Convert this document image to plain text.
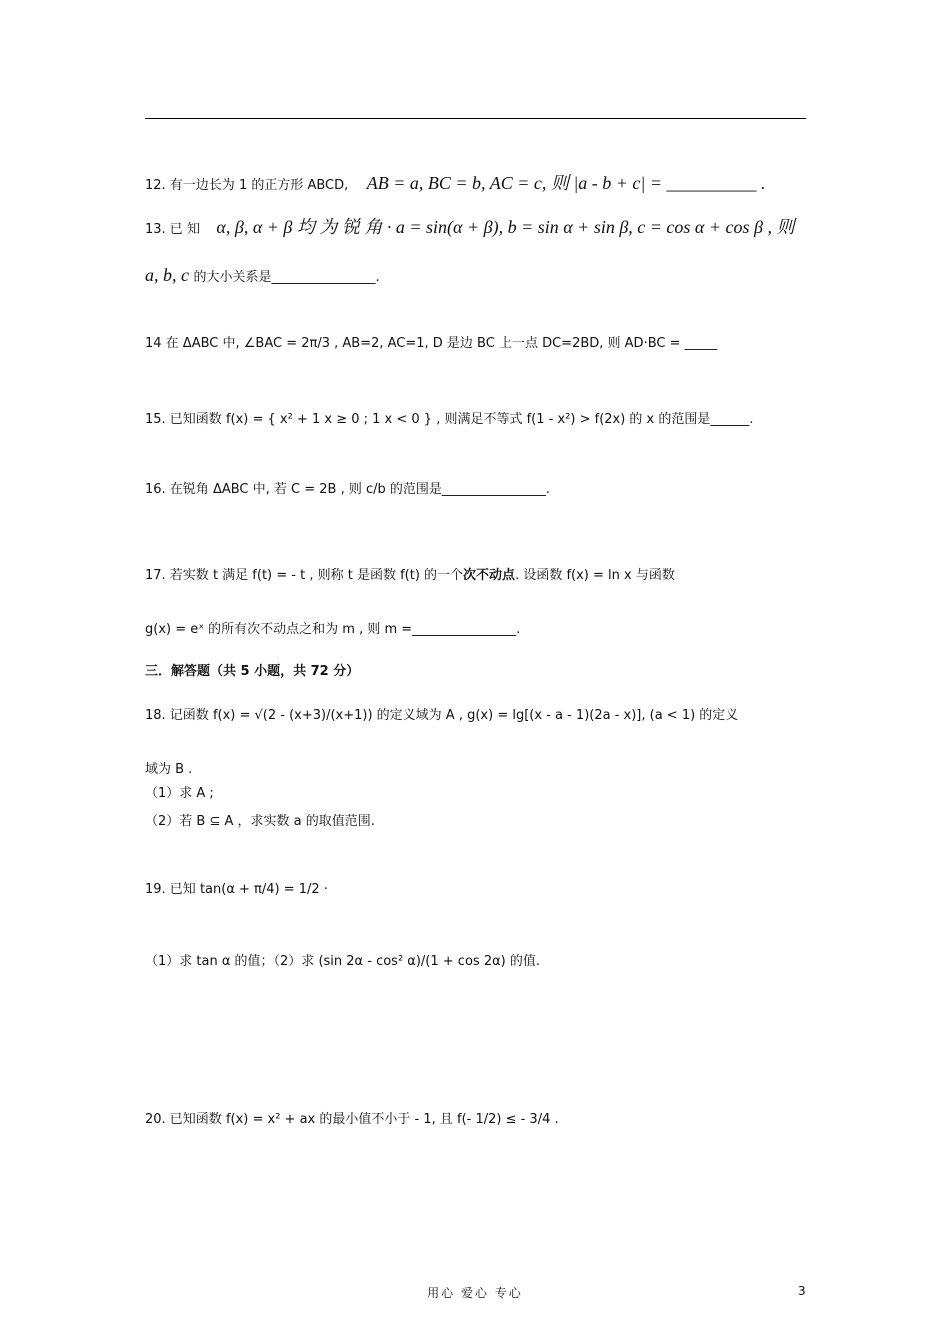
12. 有一边长为 1 的正方形 ABCD, AB = a, BC = b, AC = c, 则 |a - b + c| = __________ .
13. 已 知 α, β, α + β 均 为 锐 角 · a = sin(α + β), b = sin α + sin β, c = cos α + cos β , 则
a, b, c 的大小关系是________________.
14 在 ΔABC 中, ∠BAC = 2π/3 , AB=2, AC=1, D 是边 BC 上一点 DC=2BD, 则 AD·BC = _____
15. 已知函数 f(x) = { x² + 1 x ≥ 0 ; 1 x < 0 } , 则满足不等式 f(1 - x²) > f(2x) 的 x 的范围是______.
16. 在锐角 ΔABC 中, 若 C = 2B , 则 c/b 的范围是________________.
17. 若实数 t 满足 f(t) = - t , 则称 t 是函数 f(t) 的一个次不动点. 设函数 f(x) = ln x 与函数
g(x) = eˣ 的所有次不动点之和为 m , 则 m =________________.
三．解答题（共 5 小题，共 72 分）
18. 记函数 f(x) = √(2 - (x+3)/(x+1)) 的定义域为 A , g(x) = lg[(x - a - 1)(2a - x)], (a < 1) 的定义
域为 B .
（1）求 A ;
（2）若 B ⊆ A ，求实数 a 的取值范围.
19. 已知 tan(α + π/4) = 1/2 ·
（1）求 tan α 的值；（2）求 (sin 2α - cos² α)/(1 + cos 2α) 的值.
20. 已知函数 f(x) = x² + ax 的最小值不小于 - 1, 且 f(- 1/2) ≤ - 3/4 .
用心 爱心 专心	3
